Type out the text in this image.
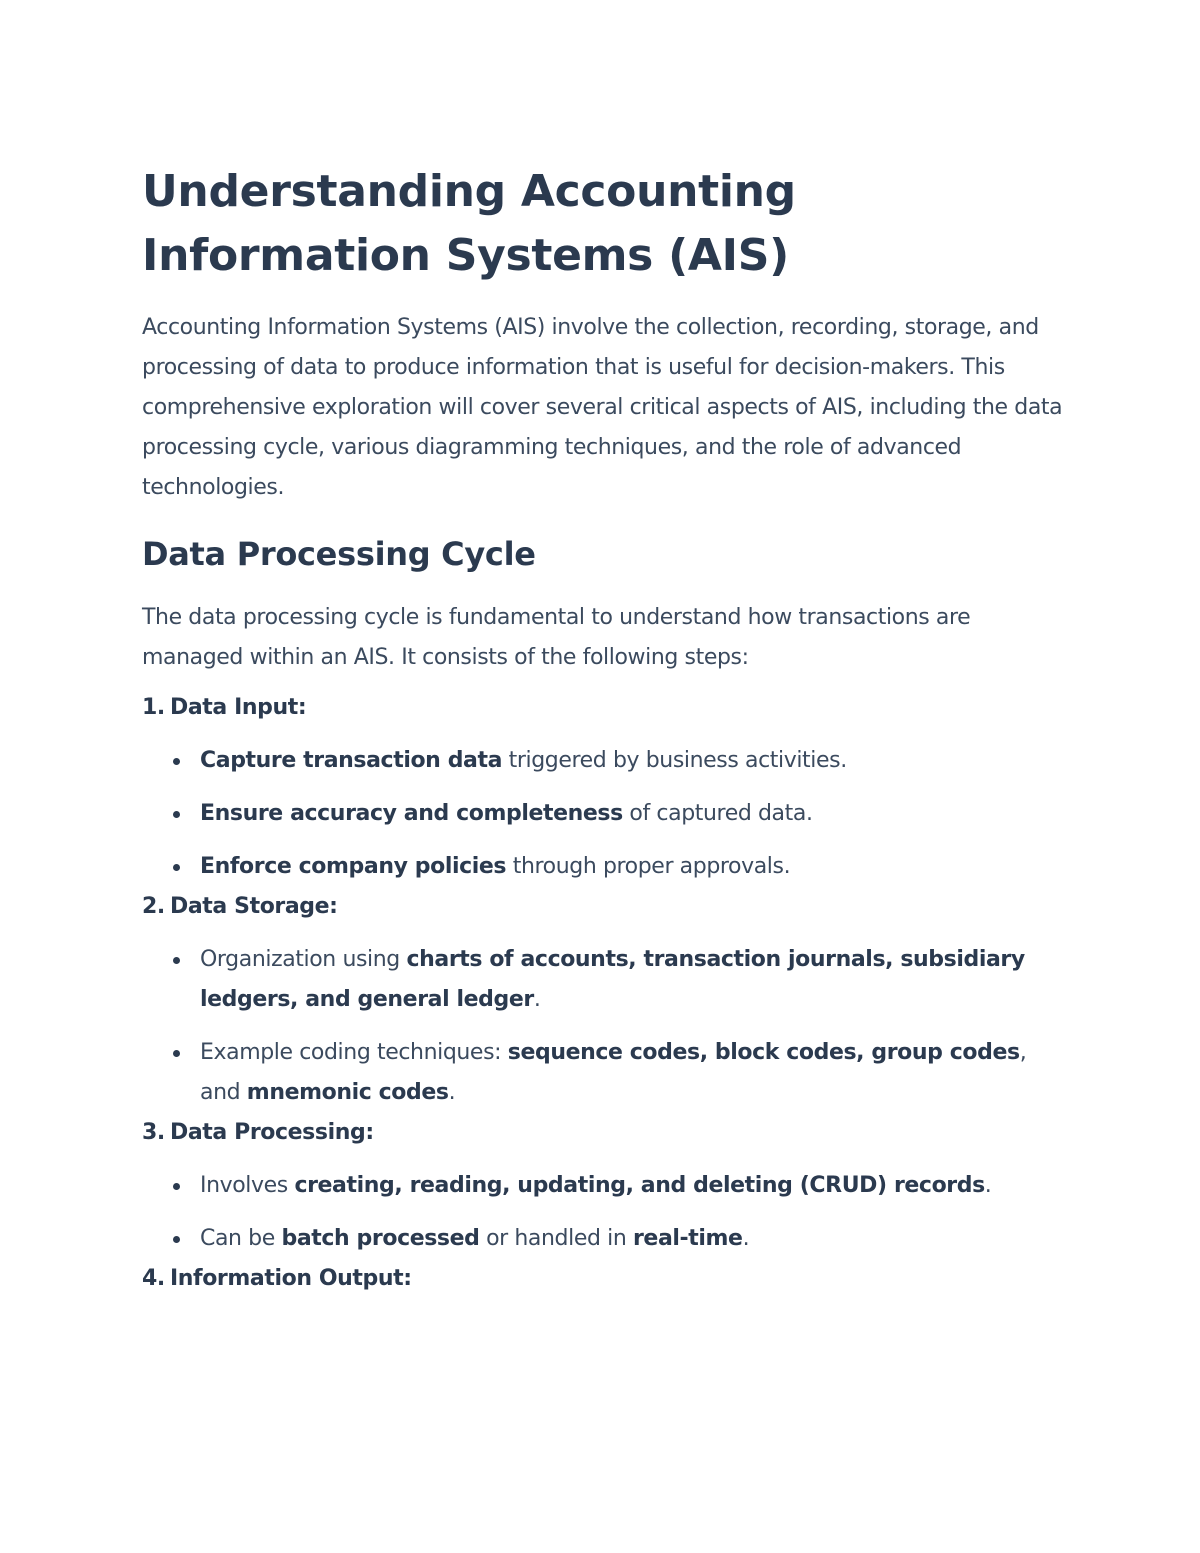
Understanding Accounting Information Systems (AIS)

Accounting Information Systems (AIS) involve the collection, recording, storage, and processing of data to produce information that is useful for decision-makers. This comprehensive exploration will cover several critical aspects of AIS, including the data processing cycle, various diagramming techniques, and the role of advanced technologies.

Data Processing Cycle

The data processing cycle is fundamental to understand how transactions are managed within an AIS. It consists of the following steps:

1. Data Input:
Capture transaction data triggered by business activities.
Ensure accuracy and completeness of captured data.
Enforce company policies through proper approvals.
2. Data Storage:
Organization using charts of accounts, transaction journals, subsidiary ledgers, and general ledger.
Example coding techniques: sequence codes, block codes, group codes, and mnemonic codes.
3. Data Processing:
Involves creating, reading, updating, and deleting (CRUD) records.
Can be batch processed or handled in real-time.
4. Information Output:
